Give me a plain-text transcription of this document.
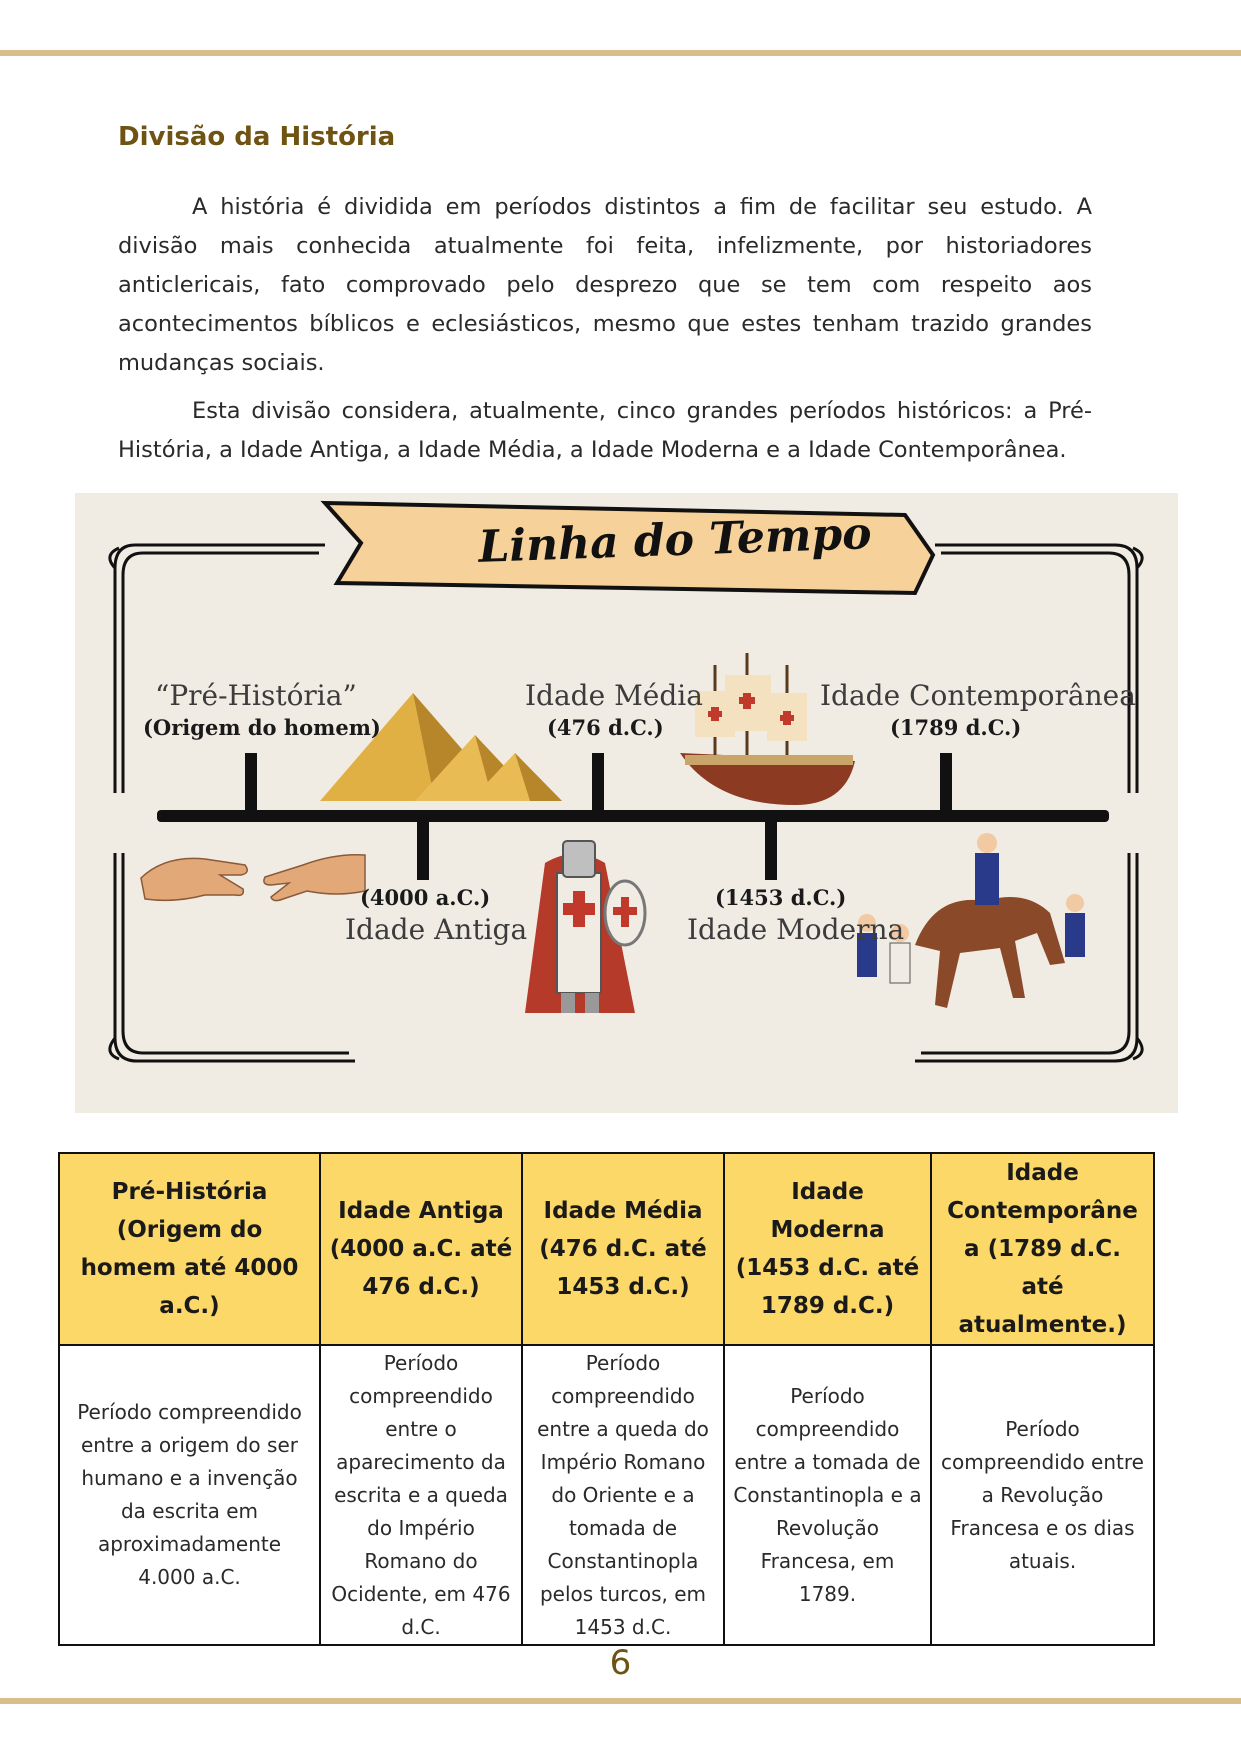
Divisão da História

A história é dividida em períodos distintos a fim de facilitar seu estudo. A divisão mais conhecida atualmente foi feita, infelizmente, por historiadores anticlericais, fato comprovado pelo desprezo que se tem com respeito aos acontecimentos bíblicos e eclesiásticos, mesmo que estes tenham trazido grandes mudanças sociais.

Esta divisão considera, atualmente, cinco grandes períodos históricos: a Pré-História, a Idade Antiga, a Idade Média, a Idade Moderna e a Idade Contemporânea.

Linha do Tempo
“Pré-História”
(Origem do homem)
Idade Média
(476 d.C.)
Idade Contemporânea
(1789 d.C.)
(4000 a.C.)
Idade Antiga
(1453 d.C.)
Idade Moderna
Pré-História (Origem do homem até 4000 a.C.)	Idade Antiga (4000 a.C. até 476 d.C.)	Idade Média (476 d.C. até 1453 d.C.)	Idade Moderna (1453 d.C. até 1789 d.C.)	Idade Contemporânea (1789 d.C. até atualmente.)
Período compreendido entre a origem do ser humano e a invenção da escrita em aproximadamente 4.000 a.C.	Período compreendido entre o aparecimento da escrita e a queda do Império Romano do Ocidente, em 476 d.C.	Período compreendido entre a queda do Império Romano do Oriente e a tomada de Constantinopla pelos turcos, em 1453 d.C.	Período compreendido entre a tomada de Constantinopla e a Revolução Francesa, em 1789.	Período compreendido entre a Revolução Francesa e os dias atuais.
6
